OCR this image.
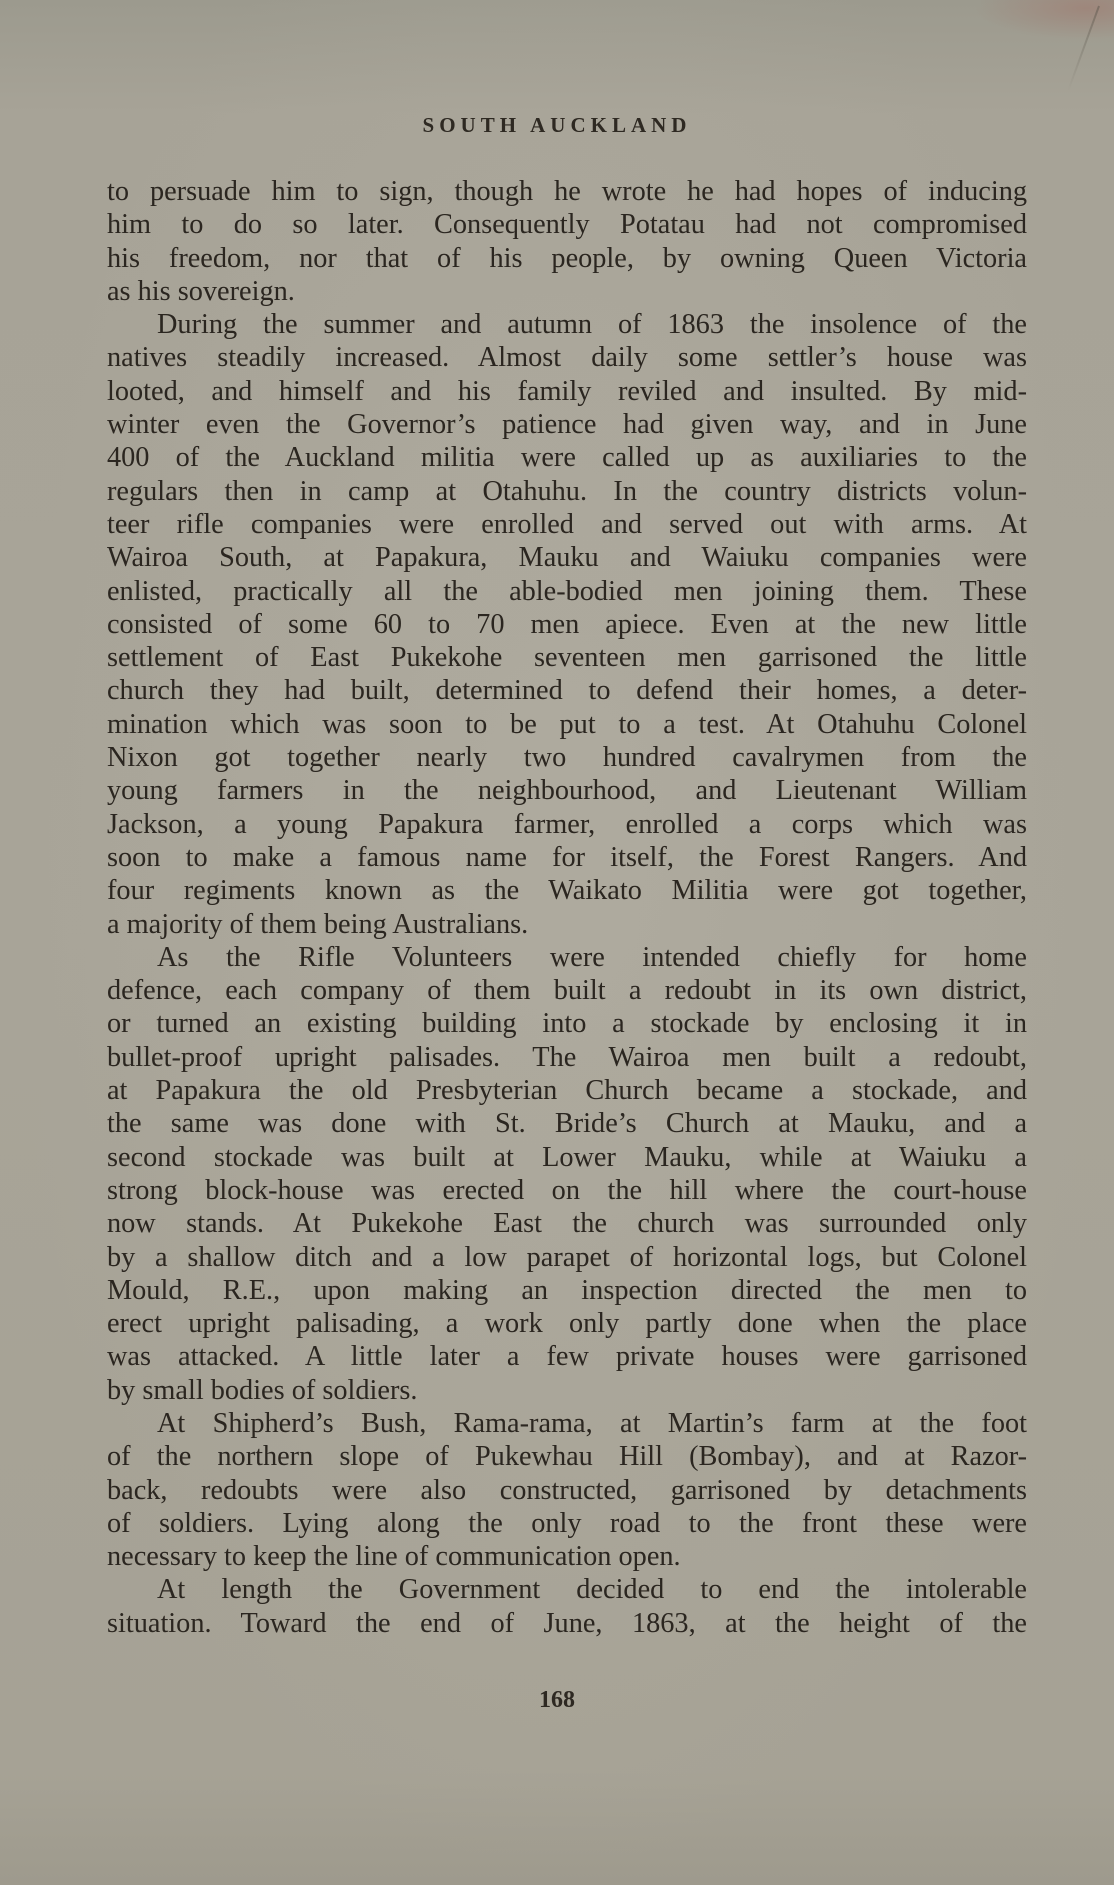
SOUTH AUCKLAND

to persuade him to sign, though he wrote he had hopes of inducing

him to do so later. Consequently Potatau had not compromised

his freedom, nor that of his people, by owning Queen Victoria

as his sovereign.

During the summer and autumn of 1863 the insolence of the

natives steadily increased. Almost daily some settler’s house was

looted, and himself and his family reviled and insulted. By mid-

winter even the Governor’s patience had given way, and in June

400 of the Auckland militia were called up as auxiliaries to the

regulars then in camp at Otahuhu. In the country districts volun-

teer rifle companies were enrolled and served out with arms. At

Wairoa South, at Papakura, Mauku and Waiuku companies were

enlisted, practically all the able-bodied men joining them. These

consisted of some 60 to 70 men apiece. Even at the new little

settlement of East Pukekohe seventeen men garrisoned the little

church they had built, determined to defend their homes, a deter-

mination which was soon to be put to a test. At Otahuhu Colonel

Nixon got together nearly two hundred cavalrymen from the

young farmers in the neighbourhood, and Lieutenant William

Jackson, a young Papakura farmer, enrolled a corps which was

soon to make a famous name for itself, the Forest Rangers. And

four regiments known as the Waikato Militia were got together,

a majority of them being Australians.

As the Rifle Volunteers were intended chiefly for home

defence, each company of them built a redoubt in its own district,

or turned an existing building into a stockade by enclosing it in

bullet-proof upright palisades. The Wairoa men built a redoubt,

at Papakura the old Presbyterian Church became a stockade, and

the same was done with St. Bride’s Church at Mauku, and a

second stockade was built at Lower Mauku, while at Waiuku a

strong block-house was erected on the hill where the court-house

now stands. At Pukekohe East the church was surrounded only

by a shallow ditch and a low parapet of horizontal logs, but Colonel

Mould, R.E., upon making an inspection directed the men to

erect upright palisading, a work only partly done when the place

was attacked. A little later a few private houses were garrisoned

by small bodies of soldiers.

At Shipherd’s Bush, Rama-rama, at Martin’s farm at the foot

of the northern slope of Pukewhau Hill (Bombay), and at Razor-

back, redoubts were also constructed, garrisoned by detachments

of soldiers. Lying along the only road to the front these were

necessary to keep the line of communication open.

At length the Government decided to end the intolerable

situation. Toward the end of June, 1863, at the height of the

168
